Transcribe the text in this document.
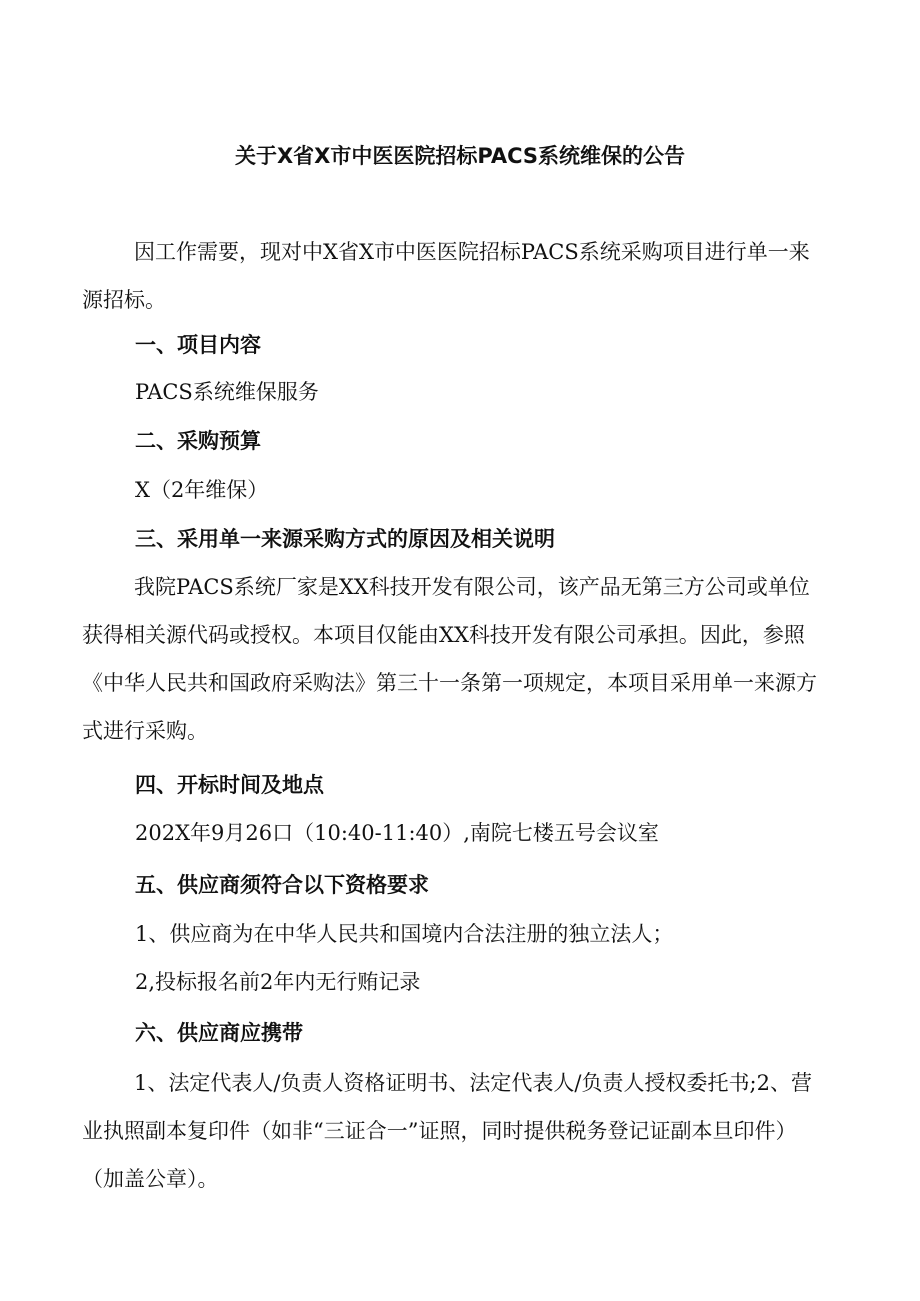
关于X省X市中医医院招标PACS系统维保的公告
因工作需要，现对中X省X市中医医院招标PACS系统采购项目进行单一来源招标。
一、项目内容
PACS系统维保服务
二、采购预算
X（2年维保）
三、采用单一来源采购方式的原因及相关说明
我院PACS系统厂家是XX科技开发有限公司，该产品无第三方公司或单位获得相关源代码或授权。本项目仅能由XX科技开发有限公司承担。因此，参照《中华人民共和国政府采购法》第三十一条第一项规定，本项目采用单一来源方式进行采购。
四、开标时间及地点
202X年9月26口（10:40-11:40）,南院七楼五号会议室
五、供应商须符合以下资格要求
1、供应商为在中华人民共和国境内合法注册的独立法人；
2,投标报名前2年内无行贿记录
六、供应商应携带
1、法定代表人/负责人资格证明书、法定代表人/负责人授权委托书;2、营业执照副本复印件（如非“三证合一”证照，同时提供税务登记证副本旦印件）（加盖公章）。
